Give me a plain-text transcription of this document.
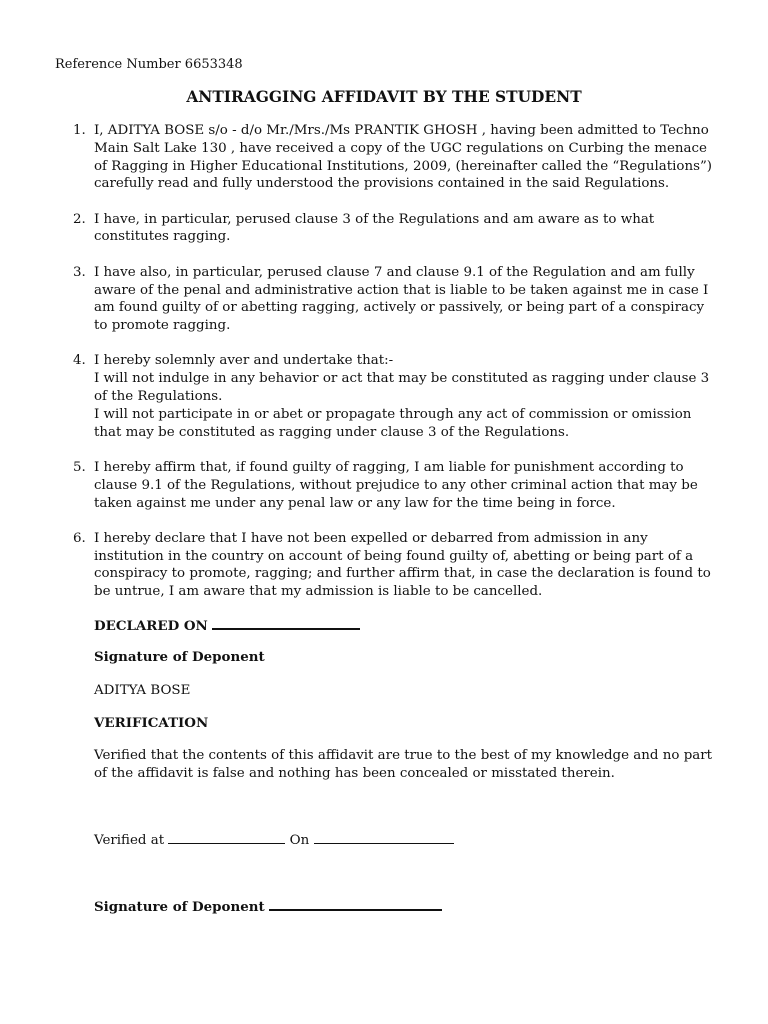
Reference Number 6653348
ANTIRAGGING AFFIDAVIT BY THE STUDENT
1. I, ADITYA BOSE s/o - d/o Mr./Mrs./Ms PRANTIK GHOSH , having been admitted to Techno Main Salt Lake 130 , have received a copy of the UGC regulations on Curbing the menace of Ragging in Higher Educational Institutions, 2009, (hereinafter called the “Regulations”) carefully read and fully understood the provisions contained in the said Regulations.

2. I have, in particular, perused clause 3 of the Regulations and am aware as to what constitutes ragging.

3. I have also, in particular, perused clause 7 and clause 9.1 of the Regulation and am fully aware of the penal and administrative action that is liable to be taken against me in case I am found guilty of or abetting ragging, actively or passively, or being part of a conspiracy to promote ragging.

4. I hereby solemnly aver and undertake that:-

I will not indulge in any behavior or act that may be constituted as ragging under clause 3 of the Regulations.

I will not participate in or abet or propagate through any act of commission or omission that may be constituted as ragging under clause 3 of the Regulations.

5. I hereby affirm that, if found guilty of ragging, I am liable for punishment according to clause 9.1 of the Regulations, without prejudice to any other criminal action that may be taken against me under any penal law or any law for the time being in force.

6. I hereby declare that I have not been expelled or debarred from admission in any institution in the country on account of being found guilty of, abetting or being part of a conspiracy to promote, ragging; and further affirm that, in case the declaration is found to be untrue, I am aware that my admission is liable to be cancelled.

DECLARED ON
Signature of Deponent
ADITYA BOSE
VERIFICATION
Verified that the contents of this affidavit are true to the best of my knowledge and no part of the affidavit is false and nothing has been concealed or misstated therein.
Verified at	On
Signature of Deponent
